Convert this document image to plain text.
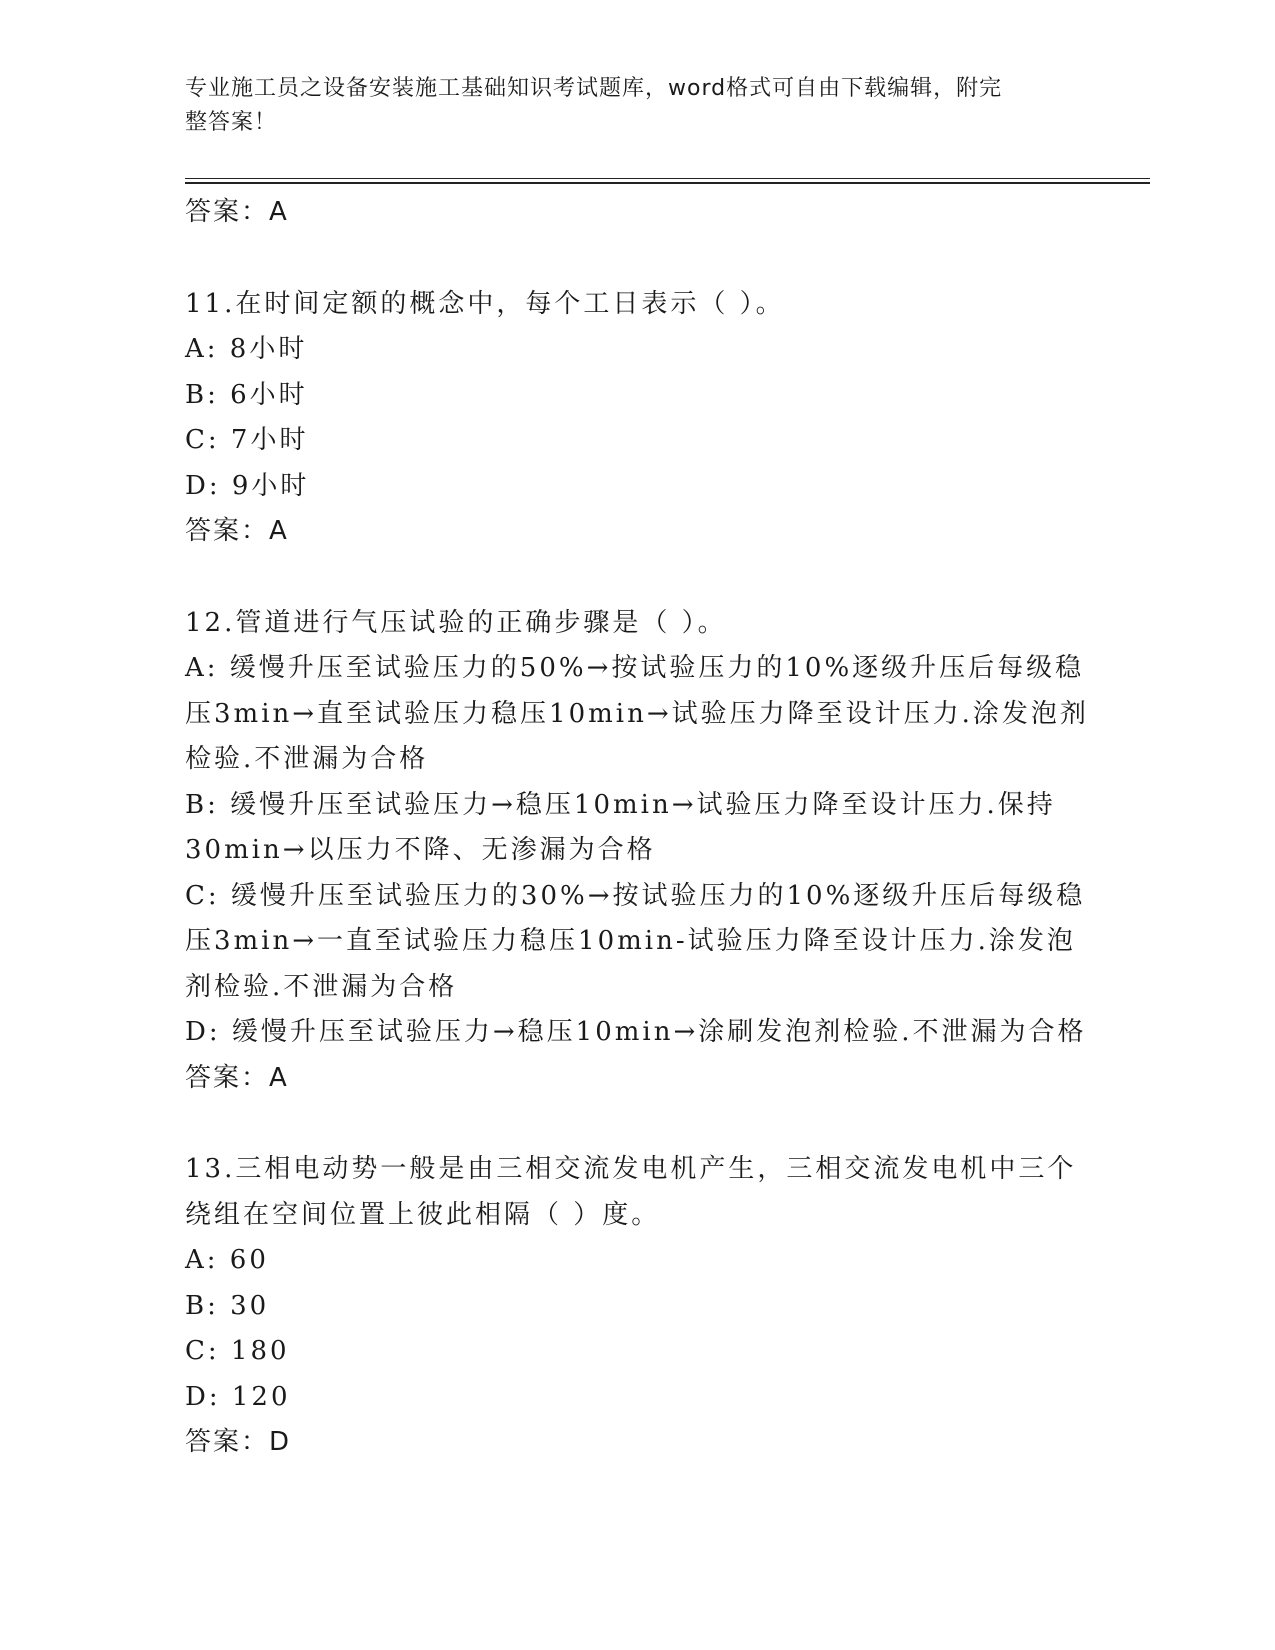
专业施工员之设备安装施工基础知识考试题库，word格式可自由下载编辑，附完
整答案！
答案：A
11.在时间定额的概念中，每个工日表示（ ）。
A: 8小时
B: 6小时
C: 7小时
D: 9小时
答案：A
12.管道进行气压试验的正确步骤是（ ）。
A: 缓慢升压至试验压力的50%→按试验压力的10%逐级升压后每级稳
压3min→直至试验压力稳压10min→试验压力降至设计压力.涂发泡剂
检验.不泄漏为合格
B: 缓慢升压至试验压力→稳压10min→试验压力降至设计压力.保持
30min→以压力不降、无渗漏为合格
C: 缓慢升压至试验压力的30%→按试验压力的10%逐级升压后每级稳
压3min→一直至试验压力稳压10min-试验压力降至设计压力.涂发泡
剂检验.不泄漏为合格
D: 缓慢升压至试验压力→稳压10min→涂刷发泡剂检验.不泄漏为合格
答案：A
13.三相电动势一般是由三相交流发电机产生，三相交流发电机中三个
绕组在空间位置上彼此相隔（ ）度。
A: 60
B: 30
C: 180
D: 120
答案：D
